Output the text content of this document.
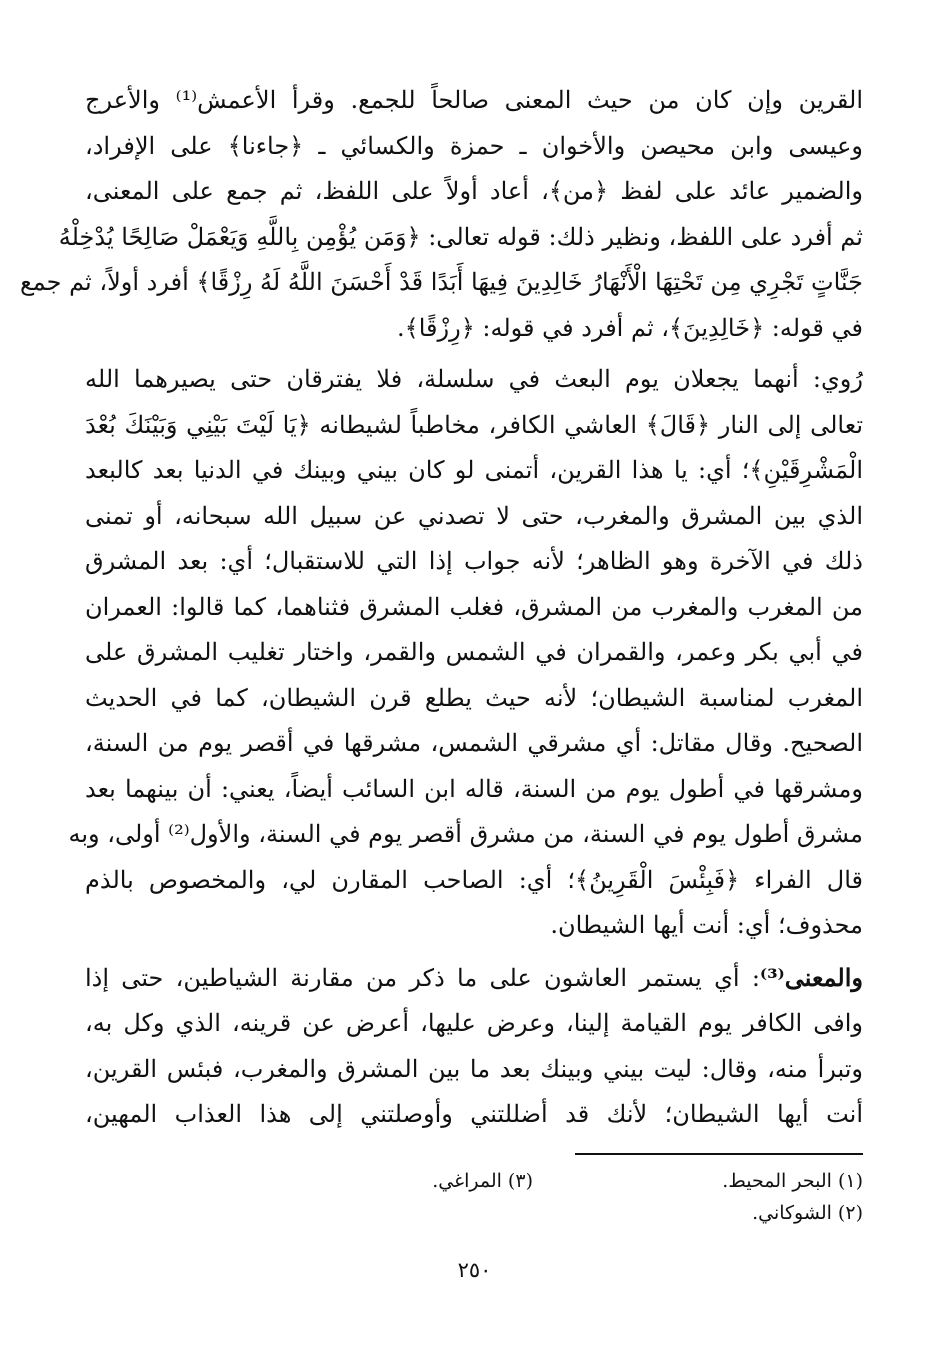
القرين وإن كان من حيث المعنى صالحاً للجمع. وقرأ الأعمش⁽¹⁾ والأعرج
وعيسى وابن محيصن والأخوان ـ حمزة والكسائي ـ ﴿جاءنا﴾ على الإفراد،
والضمير عائد على لفظ ﴿من﴾، أعاد أولاً على اللفظ، ثم جمع على المعنى،
ثم أفرد على اللفظ، ونظير ذلك: قوله تعالى: ﴿وَمَن يُؤْمِن بِاللَّهِ وَيَعْمَلْ صَالِحًا يُدْخِلْهُ
جَنَّاتٍ تَجْرِي مِن تَحْتِهَا الْأَنْهَارُ خَالِدِينَ فِيهَا أَبَدًا قَدْ أَحْسَنَ اللَّهُ لَهُ رِزْقًا﴾ أفرد أولاً، ثم جمع
في قوله: ﴿خَالِدِينَ﴾، ثم أفرد في قوله: ﴿رِزْقًا﴾.

رُوي: أنهما يجعلان يوم البعث في سلسلة، فلا يفترقان حتى يصيرهما الله
تعالى إلى النار ﴿قَالَ﴾ العاشي الكافر، مخاطباً لشيطانه ﴿يَا لَيْتَ بَيْنِي وَبَيْنَكَ بُعْدَ
الْمَشْرِقَيْنِ﴾؛ أي: يا هذا القرين، أتمنى لو كان بيني وبينك في الدنيا بعد كالبعد
الذي بين المشرق والمغرب، حتى لا تصدني عن سبيل الله سبحانه، أو تمنى
ذلك في الآخرة وهو الظاهر؛ لأنه جواب إذا التي للاستقبال؛ أي: بعد المشرق
من المغرب والمغرب من المشرق، فغلب المشرق فثناهما، كما قالوا: العمران
في أبي بكر وعمر، والقمران في الشمس والقمر، واختار تغليب المشرق على
المغرب لمناسبة الشيطان؛ لأنه حيث يطلع قرن الشيطان، كما في الحديث
الصحيح. وقال مقاتل: أي مشرقي الشمس، مشرقها في أقصر يوم من السنة،
ومشرقها في أطول يوم من السنة، قاله ابن السائب أيضاً، يعني: أن بينهما بعد
مشرق أطول يوم في السنة، من مشرق أقصر يوم في السنة، والأول⁽²⁾ أولى، وبه
قال الفراء ﴿فَبِئْسَ الْقَرِينُ﴾؛ أي: الصاحب المقارن لي، والمخصوص بالذم
محذوف؛ أي: أنت أيها الشيطان.

والمعنى⁽³⁾: أي يستمر العاشون على ما ذكر من مقارنة الشياطين، حتى إذا
وافى الكافر يوم القيامة إلينا، وعرض عليها، أعرض عن قرينه، الذي وكل به،
وتبرأ منه، وقال: ليت بيني وبينك بعد ما بين المشرق والمغرب، فبئس القرين،
أنت أيها الشيطان؛ لأنك قد أضللتني وأوصلتني إلى هذا العذاب المهين،

(١) البحر المحيط.
(٣) المراغي.
(٢) الشوكاني.
٢٥٠
